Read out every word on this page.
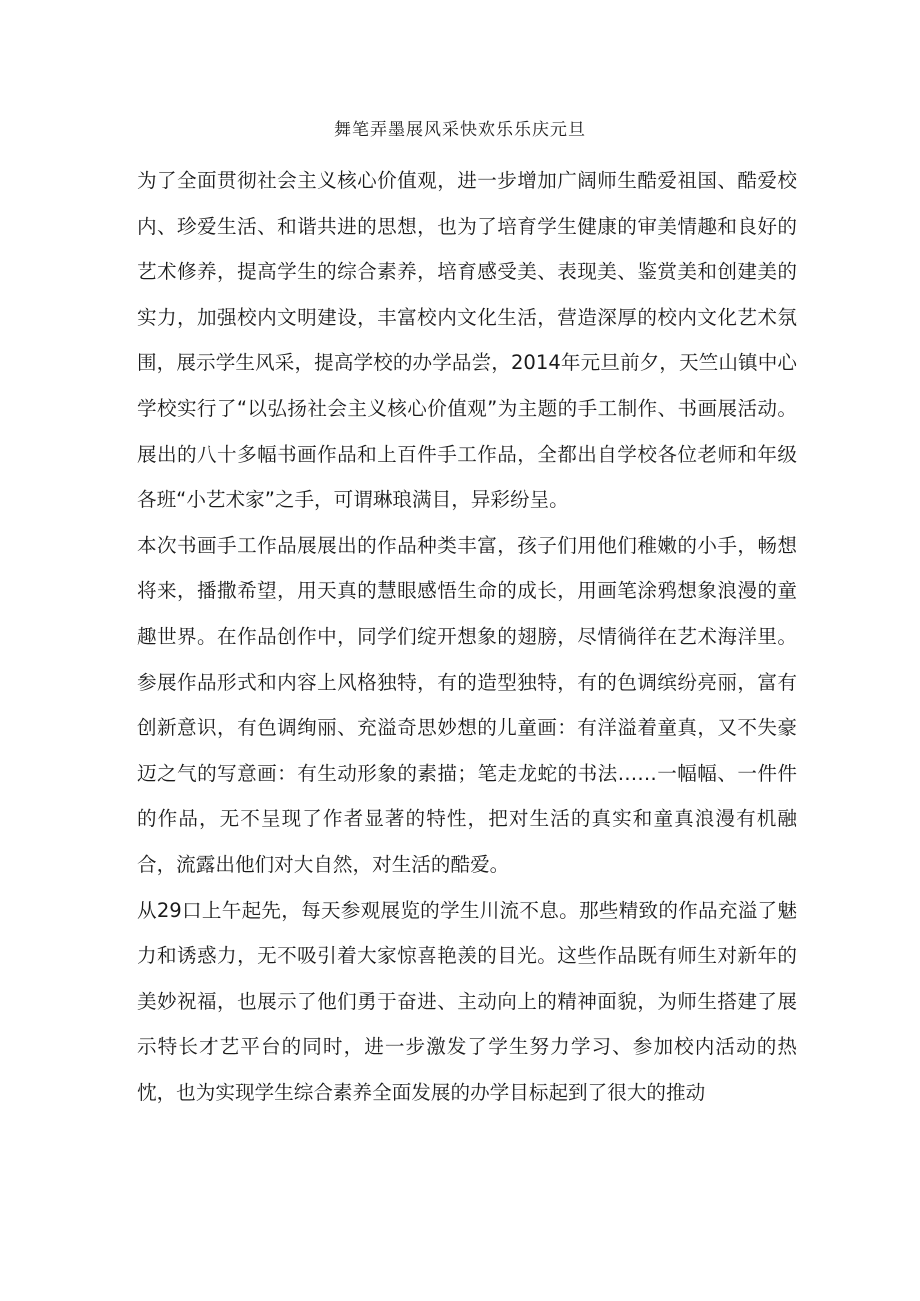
舞笔弄墨展风采快欢乐乐庆元旦

为了全面贯彻社会主义核心价值观，进一步增加广阔师生酷爱祖国、酷爱校内、珍爱生活、和谐共进的思想，也为了培育学生健康的审美情趣和良好的艺术修养，提高学生的综合素养，培育感受美、表现美、鉴赏美和创建美的实力，加强校内文明建设，丰富校内文化生活，营造深厚的校内文化艺术氛围，展示学生风采，提高学校的办学品尝，2014年元旦前夕，天竺山镇中心学校实行了“以弘扬社会主义核心价值观”为主题的手工制作、书画展活动。展出的八十多幅书画作品和上百件手工作品，全都出自学校各位老师和年级各班“小艺术家”之手，可谓琳琅满目，异彩纷呈。

本次书画手工作品展展出的作品种类丰富，孩子们用他们稚嫩的小手，畅想将来，播撒希望，用天真的慧眼感悟生命的成长，用画笔涂鸦想象浪漫的童趣世界。在作品创作中，同学们绽开想象的翅膀，尽情徜徉在艺术海洋里。参展作品形式和内容上风格独特，有的造型独特，有的色调缤纷亮丽，富有创新意识，有色调绚丽、充溢奇思妙想的儿童画：有洋溢着童真，又不失豪迈之气的写意画：有生动形象的素描；笔走龙蛇的书法……一幅幅、一件件的作品，无不呈现了作者显著的特性，把对生活的真实和童真浪漫有机融合，流露出他们对大自然，对生活的酷爱。

从29口上午起先，每天参观展览的学生川流不息。那些精致的作品充溢了魅力和诱惑力，无不吸引着大家惊喜艳羡的目光。这些作品既有师生对新年的美妙祝福，也展示了他们勇于奋进、主动向上的精神面貌，为师生搭建了展示特长才艺平台的同时，进一步激发了学生努力学习、参加校内活动的热忱，也为实现学生综合素养全面发展的办学目标起到了很大的推动
